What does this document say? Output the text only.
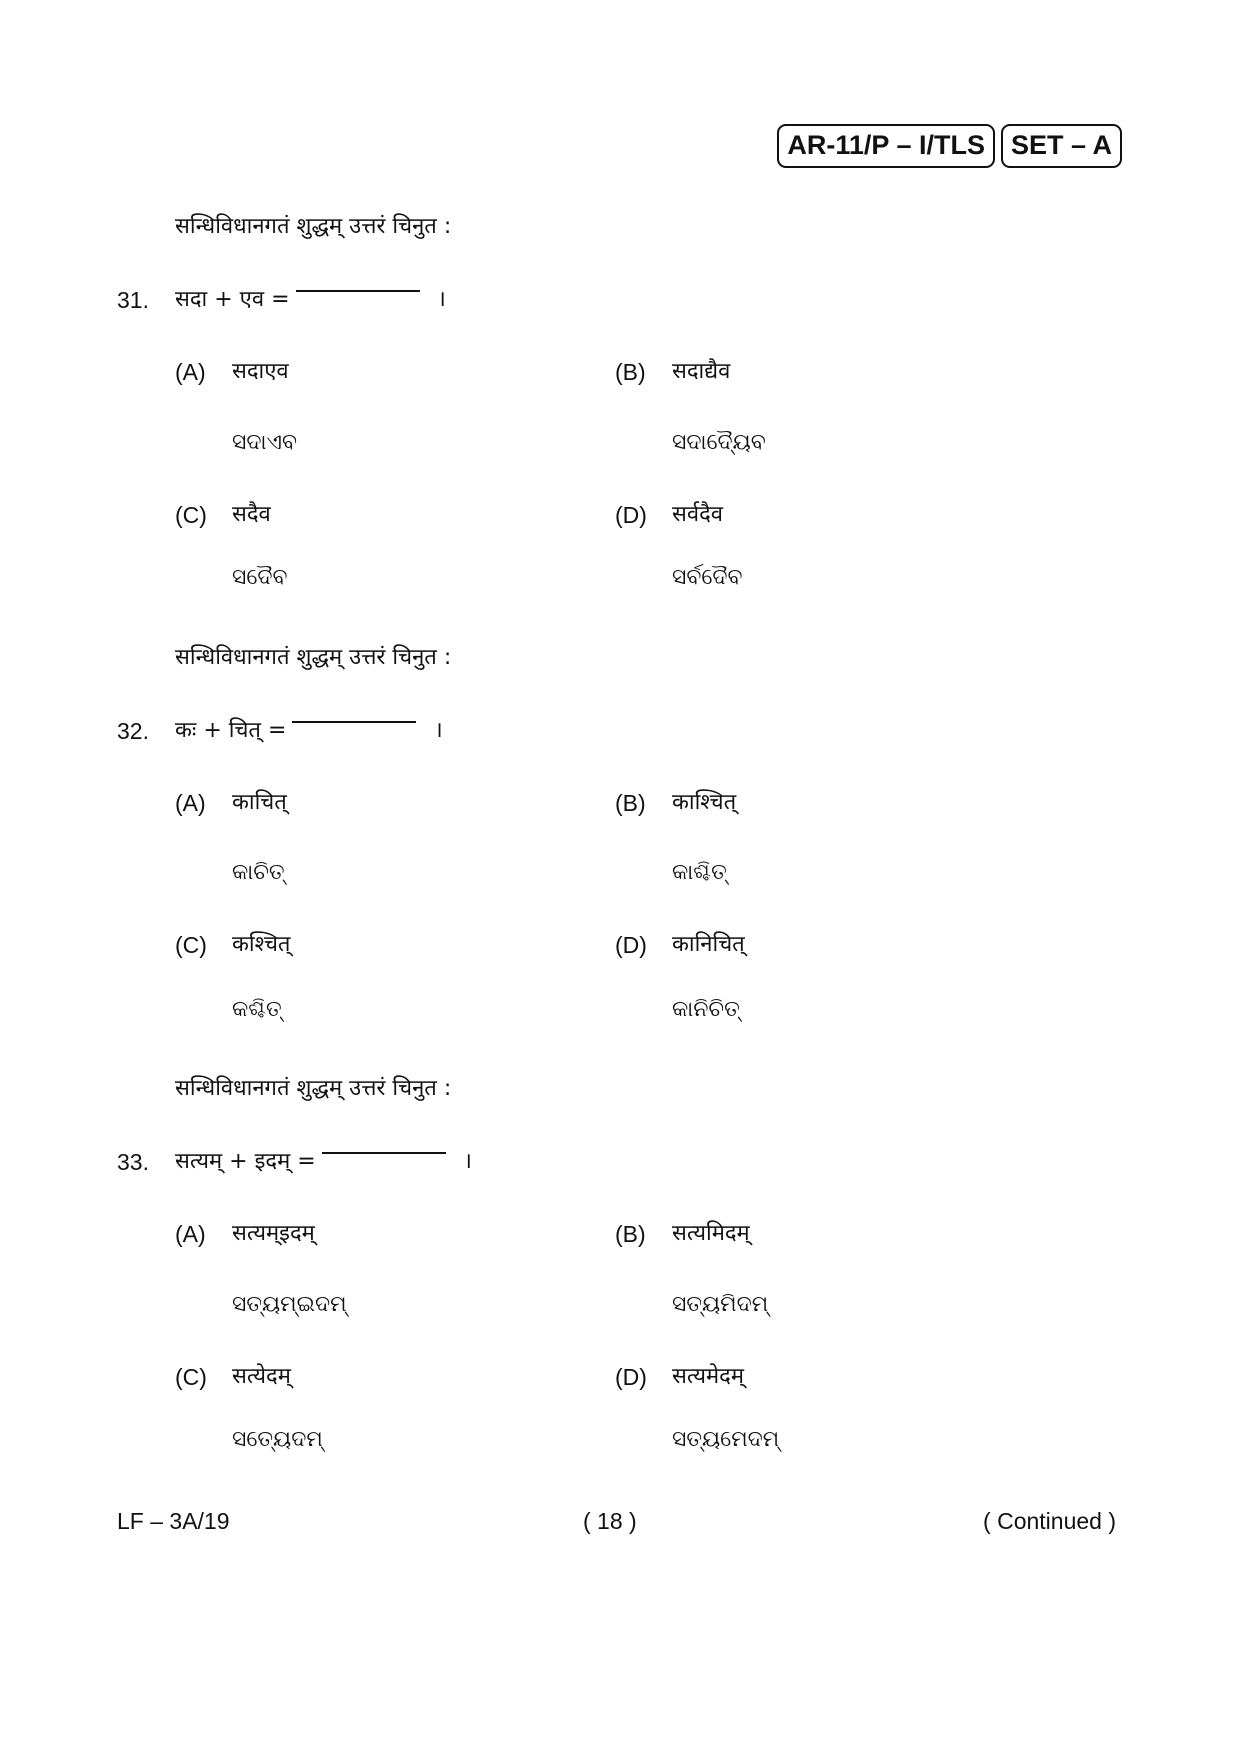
AR-11/P – I/TLS SET – A
सन्धिविधानगतं शुद्धम् उत्तरं चिनुत :
31. सदा + एव =	।
(A) सदाएव
ସଦାଏବ
(B) सदाद्यैव
ସଦାଦ୍ୟୈବ
(C) सदैव
ସଦୈବ
(D) सर्वदैव
ସର୍ବଦୈବ
सन्धिविधानगतं शुद्धम् उत्तरं चिनुत :
32. कः + चित् =	।
(A) काचित्
କାଚିତ୍
(B) काश्चित्
କାଶ୍ଚିତ୍
(C) कश्चित्
କଶ୍ଚିତ୍
(D) कानिचित्
କାନିଚିତ୍
सन्धिविधानगतं शुद्धम् उत्तरं चिनुत :
33. सत्यम् + इदम् =	।
(A) सत्यम्इदम्
ସତ୍ୟମ୍ଇଦମ୍
(B) सत्यमिदम्
ସତ୍ୟମିଦମ୍
(C) सत्येदम्
ସତ୍ୟେଦମ୍
(D) सत्यमेदम्
ସତ୍ୟମେଦମ୍
LF – 3A/19	( 18 )	( Continued )
